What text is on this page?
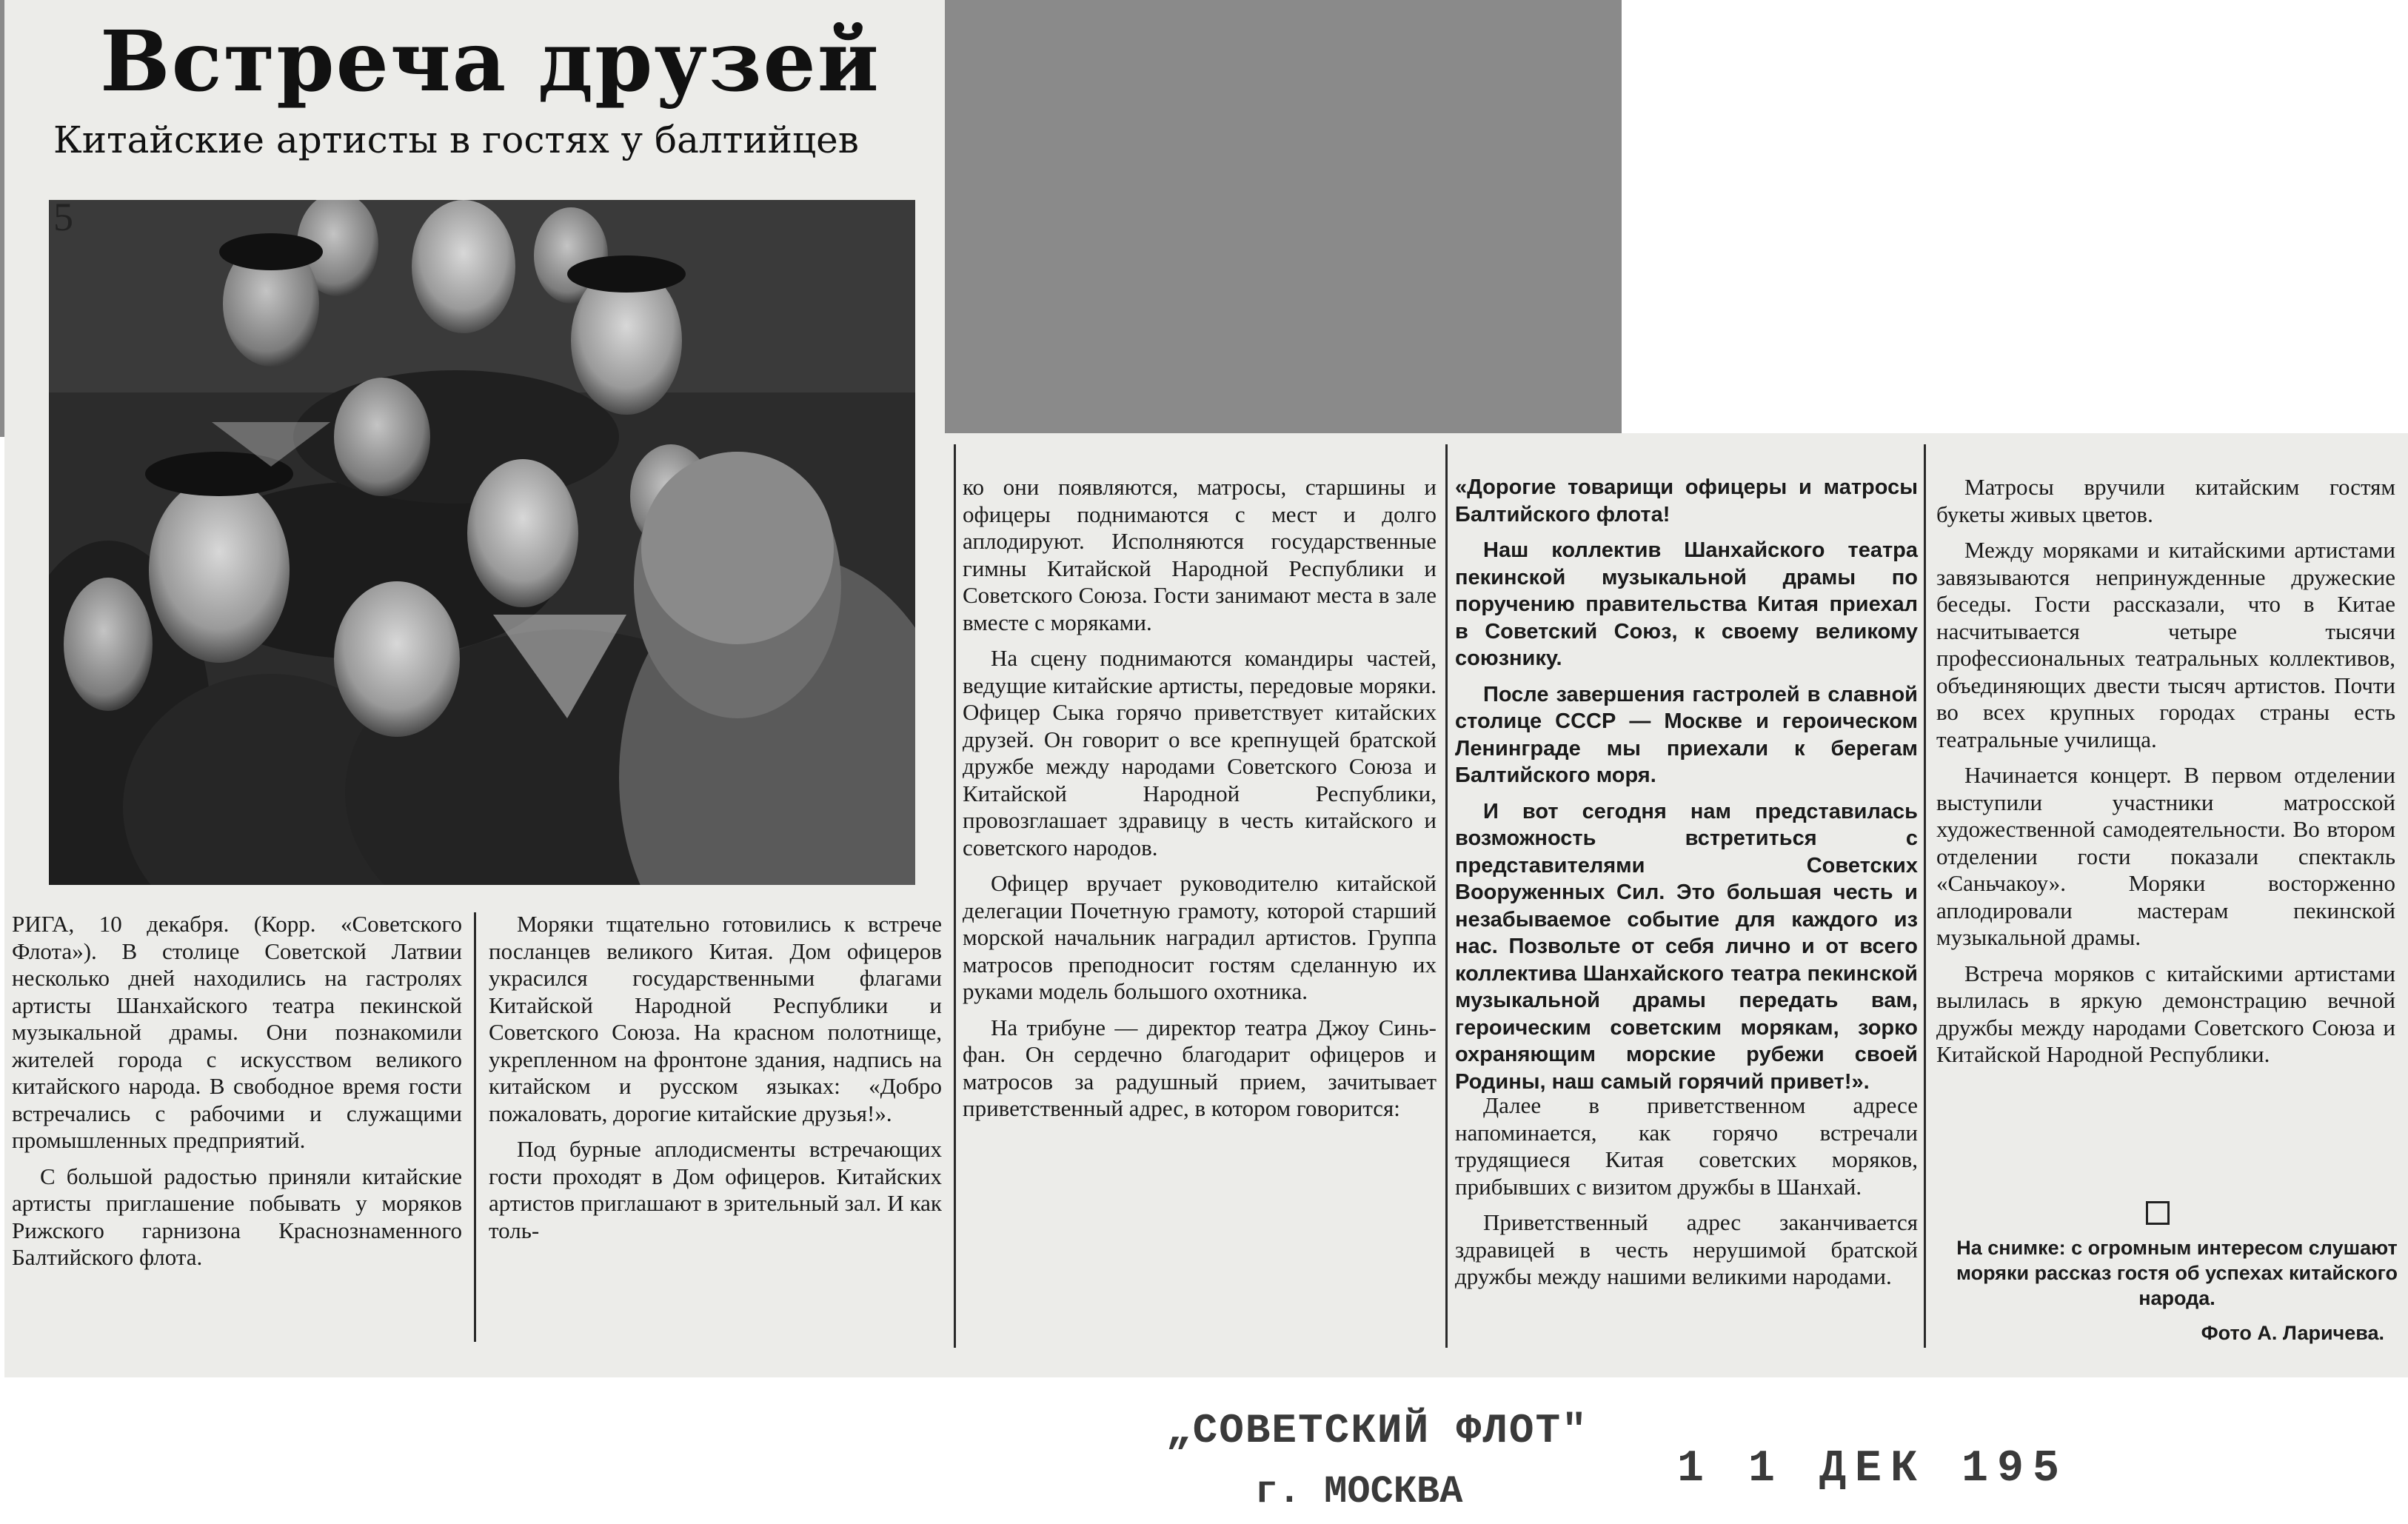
Встреча друзей
Китайские артисты в гостях у балтийцев
5

РИГА, 10 декабря. (Корр. «Советского Флота»). В столице Советской Латвии несколько дней находились на гастролях артисты Шанхайского театра пекинской музыкальной драмы. Они познакомили жителей города с искусством великого китайского народа. В свободное время гости встречались с рабочими и служащими промышленных предприятий.

С большой радостью приняли китайские артисты приглашение побывать у моряков Рижского гарнизона Краснознаменного Балтийского флота.

Моряки тщательно готовились к встрече посланцев великого Китая. Дом офицеров украсился государственными флагами Китайской Народной Республики и Советского Союза. На красном полотнище, укрепленном на фронтоне здания, надпись на китайском и русском языках: «Добро пожаловать, дорогие китайские друзья!».

Под бурные аплодисменты встречающих гости проходят в Дом офицеров. Китайских артистов приглашают в зрительный зал. И как толь-

ко они появляются, матросы, старшины и офицеры поднимаются с мест и долго аплодируют. Исполняются государственные гимны Китайской Народной Республики и Советского Союза. Гости занимают места в зале вместе с моряками.

На сцену поднимаются командиры частей, ведущие китайские артисты, передовые моряки. Офицер Сыка горячо приветствует китайских друзей. Он говорит о все крепнущей братской дружбе между народами Советского Союза и Китайской Народной Республики, провозглашает здравицу в честь китайского и советского народов.

Офицер вручает руководителю китайской делегации Почетную грамоту, которой старший морской начальник наградил артистов. Группа матросов преподносит гостям сделанную их руками модель большого охотника.

На трибуне — директор театра Джоу Синь-фан. Он сердечно благодарит офицеров и матросов за радушный прием, зачитывает приветственный адрес, в котором говорится:

«Дорогие товарищи офицеры и матросы Балтийского флота!

Наш коллектив Шанхайского театра пекинской музыкальной драмы по поручению правительства Китая приехал в Советский Союз, к своему великому союзнику.

После завершения гастролей в славной столице СССР — Москве и героическом Ленинграде мы приехали к берегам Балтийского моря.

И вот сегодня нам представилась возможность встретиться с представителями Советских Вооруженных Сил. Это большая честь и незабываемое событие для каждого из нас. Позвольте от себя лично и от всего коллектива Шанхайского театра пекинской музыкальной драмы передать вам, героическим советским морякам, зорко охраняющим морские рубежи своей Родины, наш самый горячий привет!».

Далее в приветственном адресе напоминается, как горячо встречали трудящиеся Китая советских моряков, прибывших с визитом дружбы в Шанхай.

Приветственный адрес заканчивается здравицей в честь нерушимой братской дружбы между нашими великими народами.

Матросы вручили китайским гостям букеты живых цветов.

Между моряками и китайскими артистами завязываются непринужденные дружеские беседы. Гости рассказали, что в Китае насчитывается четыре тысячи профессиональных театральных коллективов, объединяющих двести тысяч артистов. Почти во всех крупных городах страны есть театральные училища.

Начинается концерт. В первом отделении выступили участники матросской художественной самодеятельности. Во втором отделении гости показали спектакль «Саньчакоу». Моряки восторженно аплодировали мастерам пекинской музыкальной драмы.

Встреча моряков с китайскими артистами вылилась в яркую демонстрацию вечной дружбы между народами Советского Союза и Китайской Народной Республики.

На снимке: с огромным интересом слушают моряки рассказ гостя об успехах китайского народа.
Фото А. Ларичева.
„СОВЕТСКИЙ ФЛОТ"
г. МОСКВА	1 1 ДЕК 195
